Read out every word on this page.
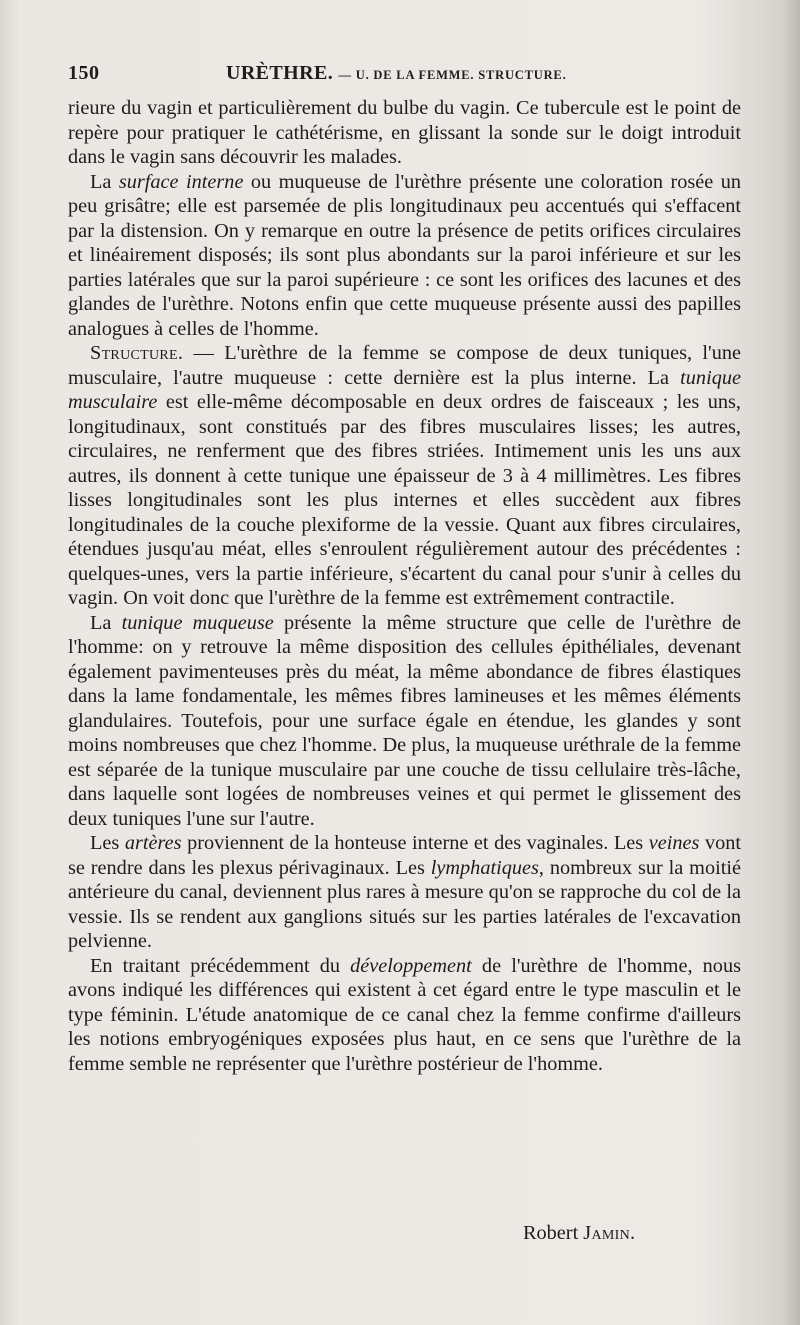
150	URÈTHRE. — U. DE LA FEMME. STRUCTURE.

rieure du vagin et particulièrement du bulbe du vagin. Ce tubercule est le point de repère pour pratiquer le cathétérisme, en glissant la sonde sur le doigt introduit dans le vagin sans découvrir les malades.

La surface interne ou muqueuse de l'urèthre présente une coloration rosée un peu grisâtre; elle est parsemée de plis longitudinaux peu accentués qui s'effacent par la distension. On y remarque en outre la présence de petits orifices circulaires et linéairement disposés; ils sont plus abondants sur la paroi inférieure et sur les parties latérales que sur la paroi supérieure : ce sont les orifices des lacunes et des glandes de l'urèthre. Notons enfin que cette muqueuse présente aussi des papilles analogues à celles de l'homme.

Structure. — L'urèthre de la femme se compose de deux tuniques, l'une musculaire, l'autre muqueuse : cette dernière est la plus interne. La tunique musculaire est elle-même décomposable en deux ordres de faisceaux ; les uns, longitudinaux, sont constitués par des fibres musculaires lisses; les autres, circulaires, ne renferment que des fibres striées. Intimement unis les uns aux autres, ils donnent à cette tunique une épaisseur de 3 à 4 millimètres. Les fibres lisses longitudinales sont les plus internes et elles succèdent aux fibres longitudinales de la couche plexiforme de la vessie. Quant aux fibres circulaires, étendues jusqu'au méat, elles s'enroulent régulièrement autour des précédentes : quelques-unes, vers la partie inférieure, s'écartent du canal pour s'unir à celles du vagin. On voit donc que l'urèthre de la femme est extrêmement contractile.

La tunique muqueuse présente la même structure que celle de l'urèthre de l'homme: on y retrouve la même disposition des cellules épithéliales, devenant également pavimenteuses près du méat, la même abondance de fibres élastiques dans la lame fondamentale, les mêmes fibres lamineuses et les mêmes éléments glandulaires. Toutefois, pour une surface égale en étendue, les glandes y sont moins nombreuses que chez l'homme. De plus, la muqueuse uréthrale de la femme est séparée de la tunique musculaire par une couche de tissu cellulaire très-lâche, dans laquelle sont logées de nombreuses veines et qui permet le glissement des deux tuniques l'une sur l'autre.

Les artères proviennent de la honteuse interne et des vaginales. Les veines vont se rendre dans les plexus périvaginaux. Les lymphatiques, nombreux sur la moitié antérieure du canal, deviennent plus rares à mesure qu'on se rapproche du col de la vessie. Ils se rendent aux ganglions situés sur les parties latérales de l'excavation pelvienne.

En traitant précédemment du développement de l'urèthre de l'homme, nous avons indiqué les différences qui existent à cet égard entre le type masculin et le type féminin. L'étude anatomique de ce canal chez la femme confirme d'ailleurs les notions embryogéniques exposées plus haut, en ce sens que l'urèthre de la femme semble ne représenter que l'urèthre postérieur de l'homme.

Robert Jamin.
